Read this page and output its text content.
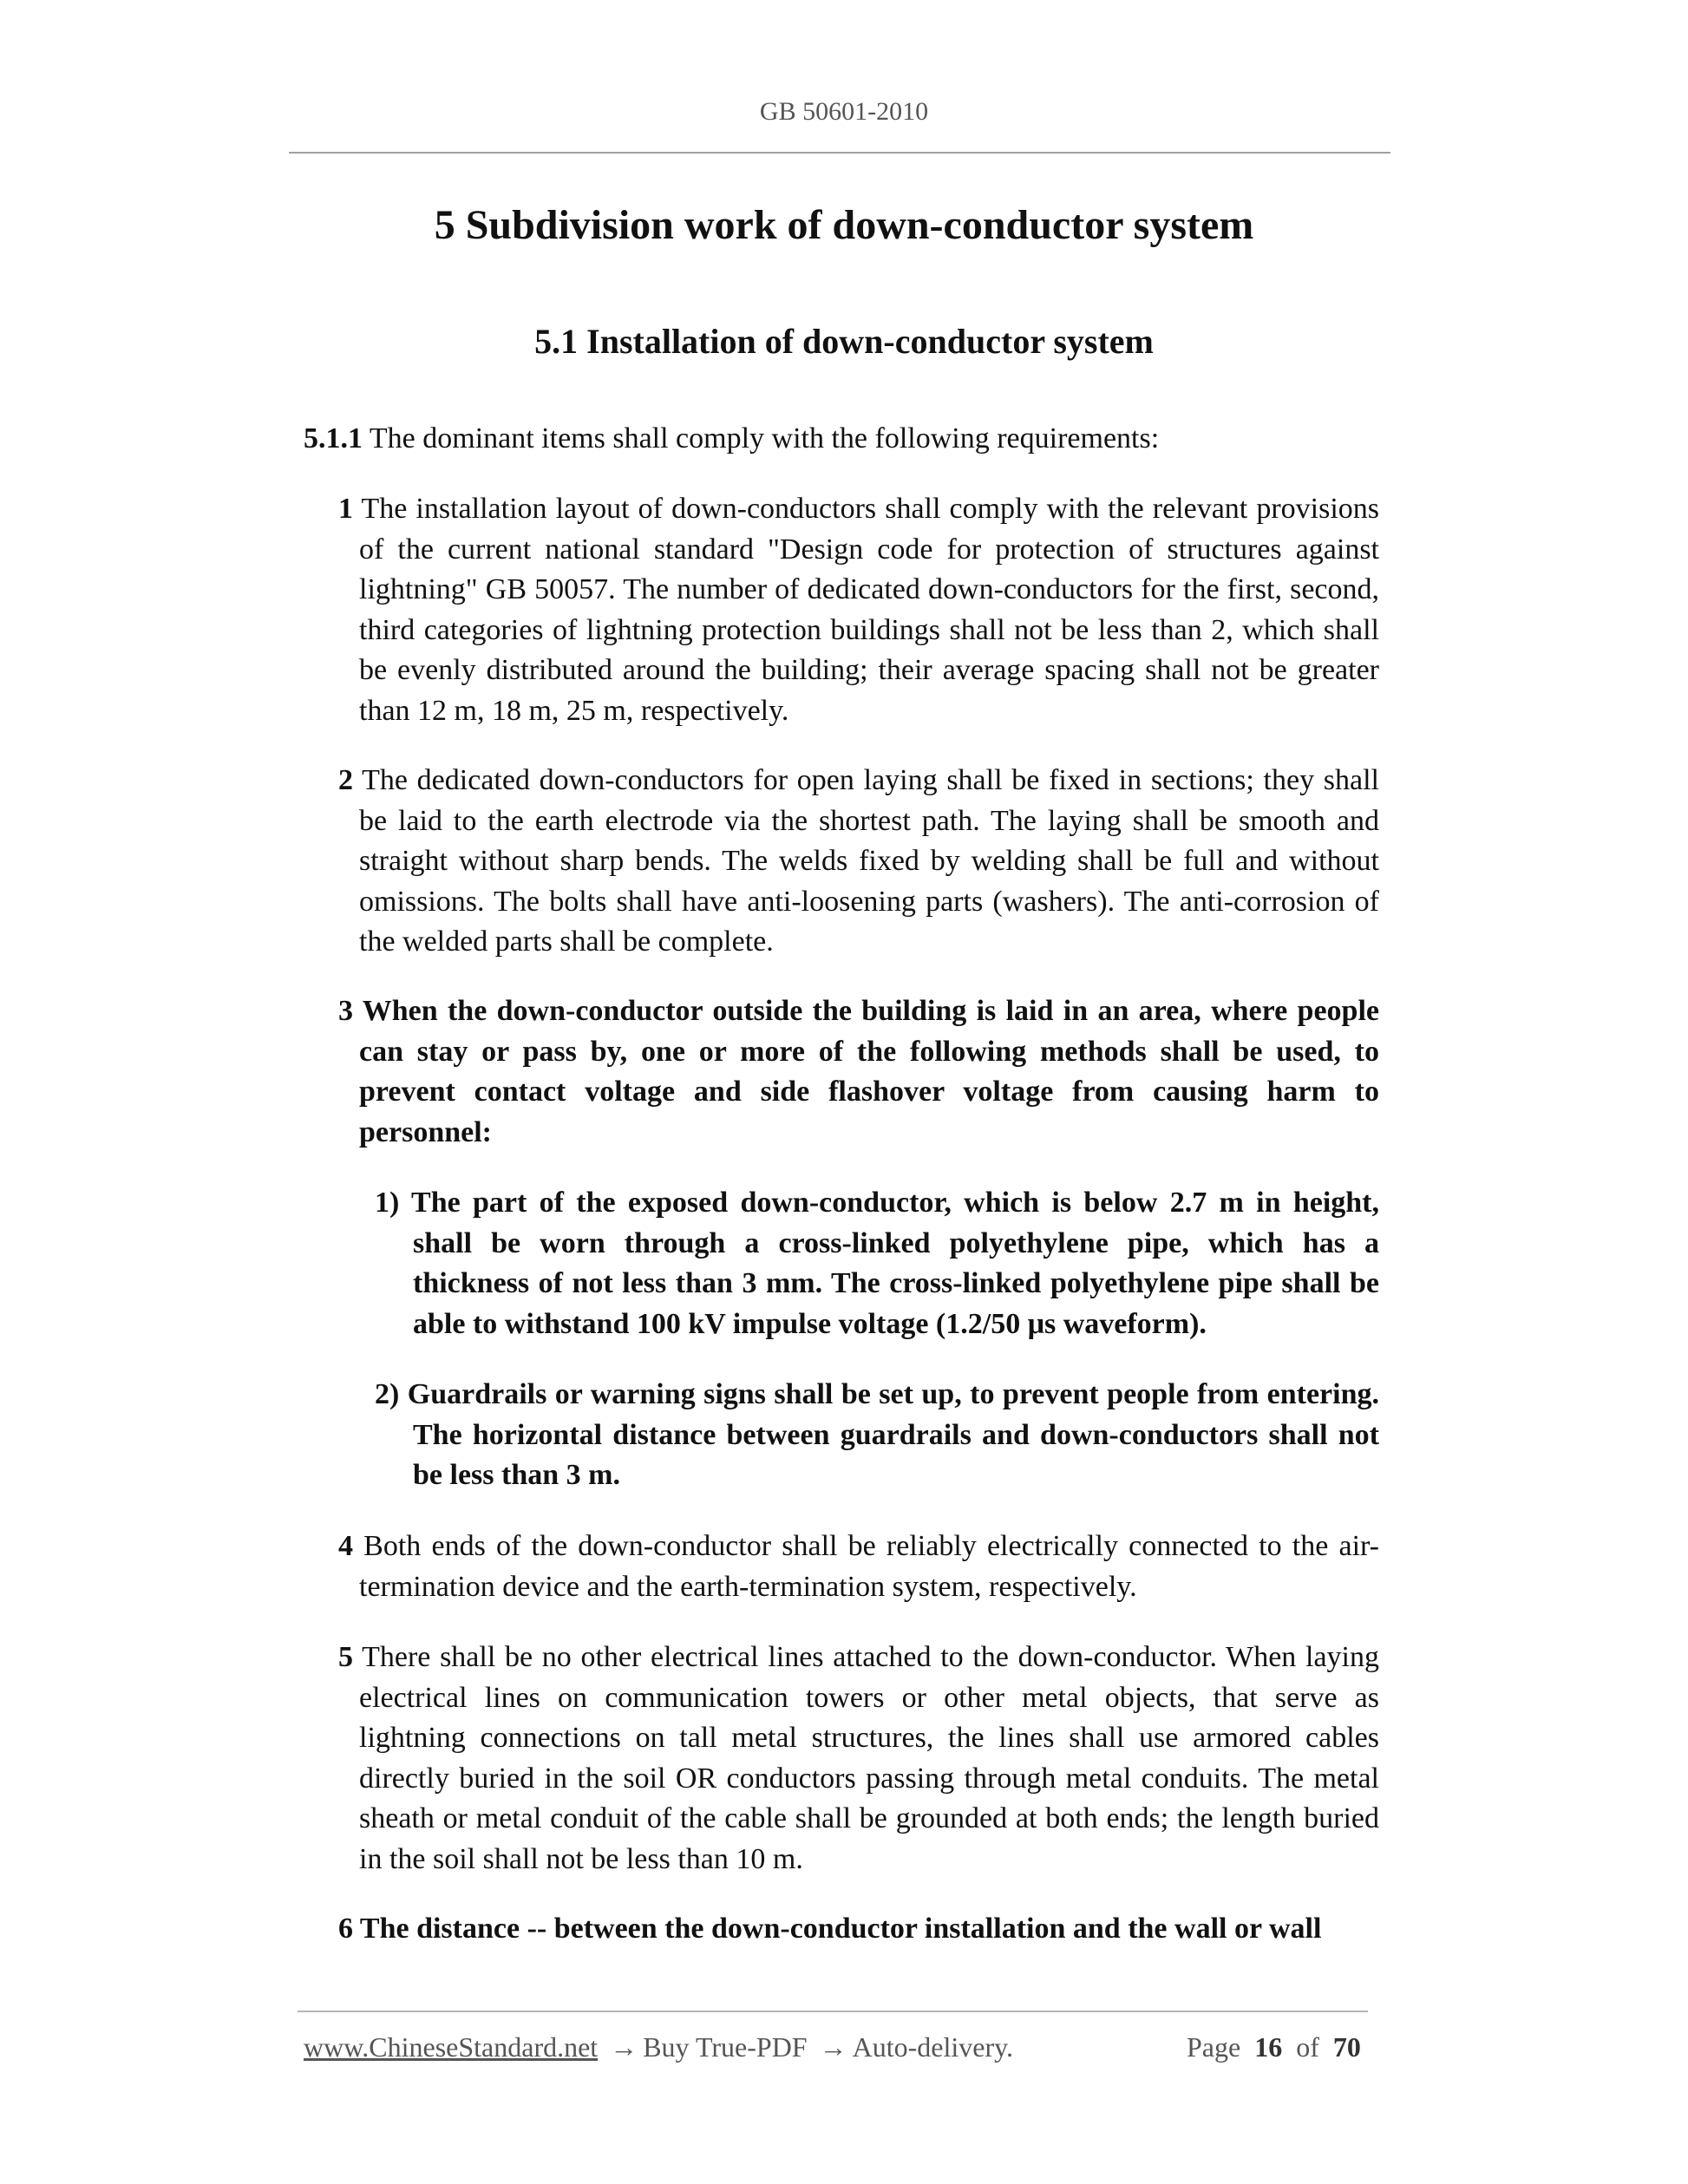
GB 50601-2010
5 Subdivision work of down-conductor system
5.1 Installation of down-conductor system
5.1.1 The dominant items shall comply with the following requirements:
1 The installation layout of down-conductors shall comply with the relevant provisions of the current national standard "Design code for protection of structures against lightning" GB 50057. The number of dedicated down-conductors for the first, second, third categories of lightning protection buildings shall not be less than 2, which shall be evenly distributed around the building; their average spacing shall not be greater than 12 m, 18 m, 25 m, respectively.
2 The dedicated down-conductors for open laying shall be fixed in sections; they shall be laid to the earth electrode via the shortest path. The laying shall be smooth and straight without sharp bends. The welds fixed by welding shall be full and without omissions. The bolts shall have anti-loosening parts (washers). The anti-corrosion of the welded parts shall be complete.
3 When the down-conductor outside the building is laid in an area, where people can stay or pass by, one or more of the following methods shall be used, to prevent contact voltage and side flashover voltage from causing harm to personnel:
1) The part of the exposed down-conductor, which is below 2.7 m in height, shall be worn through a cross-linked polyethylene pipe, which has a thickness of not less than 3 mm. The cross-linked polyethylene pipe shall be able to withstand 100 kV impulse voltage (1.2/50 μs waveform).
2) Guardrails or warning signs shall be set up, to prevent people from entering. The horizontal distance between guardrails and down-conductors shall not be less than 3 m.
4 Both ends of the down-conductor shall be reliably electrically connected to the air-termination device and the earth-termination system, respectively.
5 There shall be no other electrical lines attached to the down-conductor. When laying electrical lines on communication towers or other metal objects, that serve as lightning connections on tall metal structures, the lines shall use armored cables directly buried in the soil OR conductors passing through metal conduits. The metal sheath or metal conduit of the cable shall be grounded at both ends; the length buried in the soil shall not be less than 10 m.
6 The distance -- between the down-conductor installation and the wall or wall
www.ChineseStandard.net → Buy True-PDF → Auto-delivery.	Page 16 of 70
